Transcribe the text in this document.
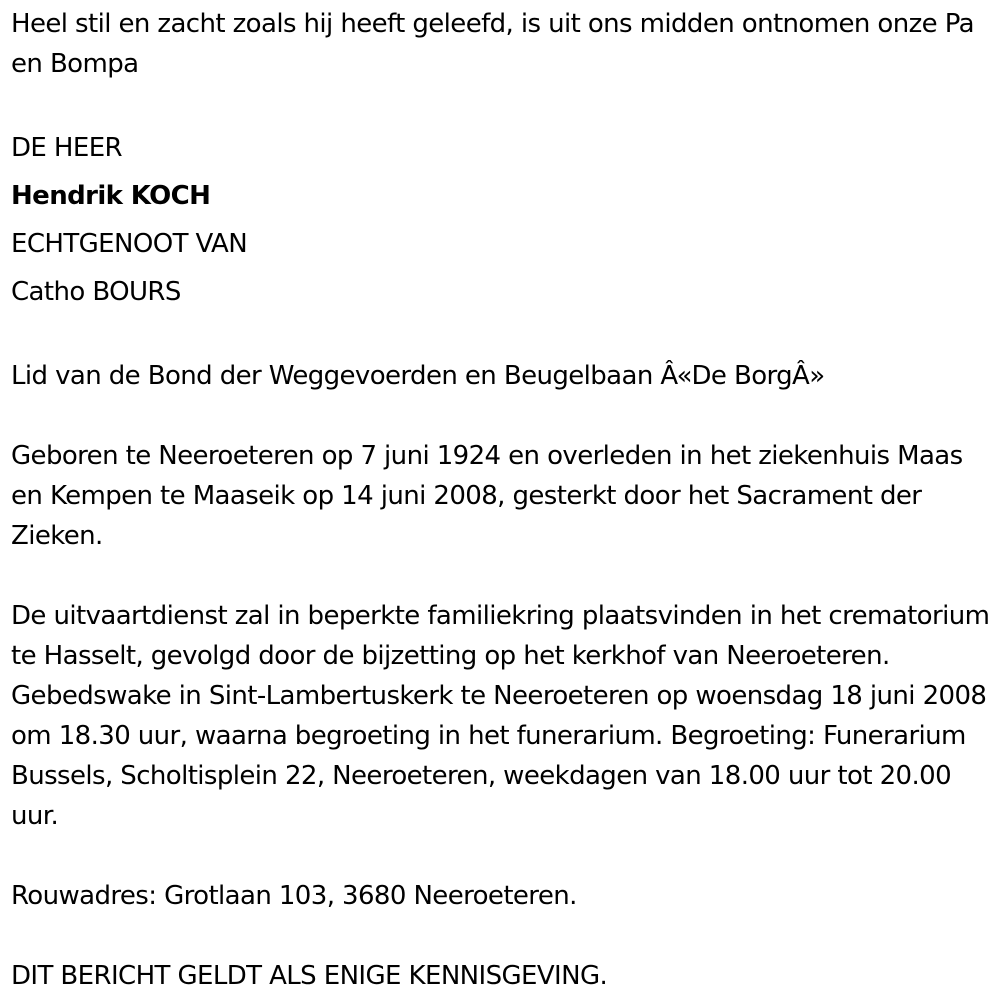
Heel stil en zacht zoals hij heeft geleefd, is uit ons midden ontnomen onze Pa en Bompa

DE HEER

Hendrik KOCH

ECHTGENOOT VAN

Catho BOURS

Lid van de Bond der Weggevoerden en Beugelbaan Â«De BorgÂ»

Geboren te Neeroeteren op 7 juni 1924 en overleden in het ziekenhuis Maas en Kempen te Maaseik op 14 juni 2008, gesterkt door het Sacrament der Zieken.

De uitvaartdienst zal in beperkte familiekring plaatsvinden in het crematorium te Hasselt, gevolgd door de bijzetting op het kerkhof van Neeroeteren. Gebedswake in Sint-Lambertuskerk te Neeroeteren op woensdag 18 juni 2008 om 18.30 uur, waarna begroeting in het funerarium. Begroeting: Funerarium Bussels, Scholtisplein 22, Neeroeteren, weekdagen van 18.00 uur tot 20.00 uur.

Rouwadres: Grotlaan 103, 3680 Neeroeteren.

DIT BERICHT GELDT ALS ENIGE KENNISGEVING.
